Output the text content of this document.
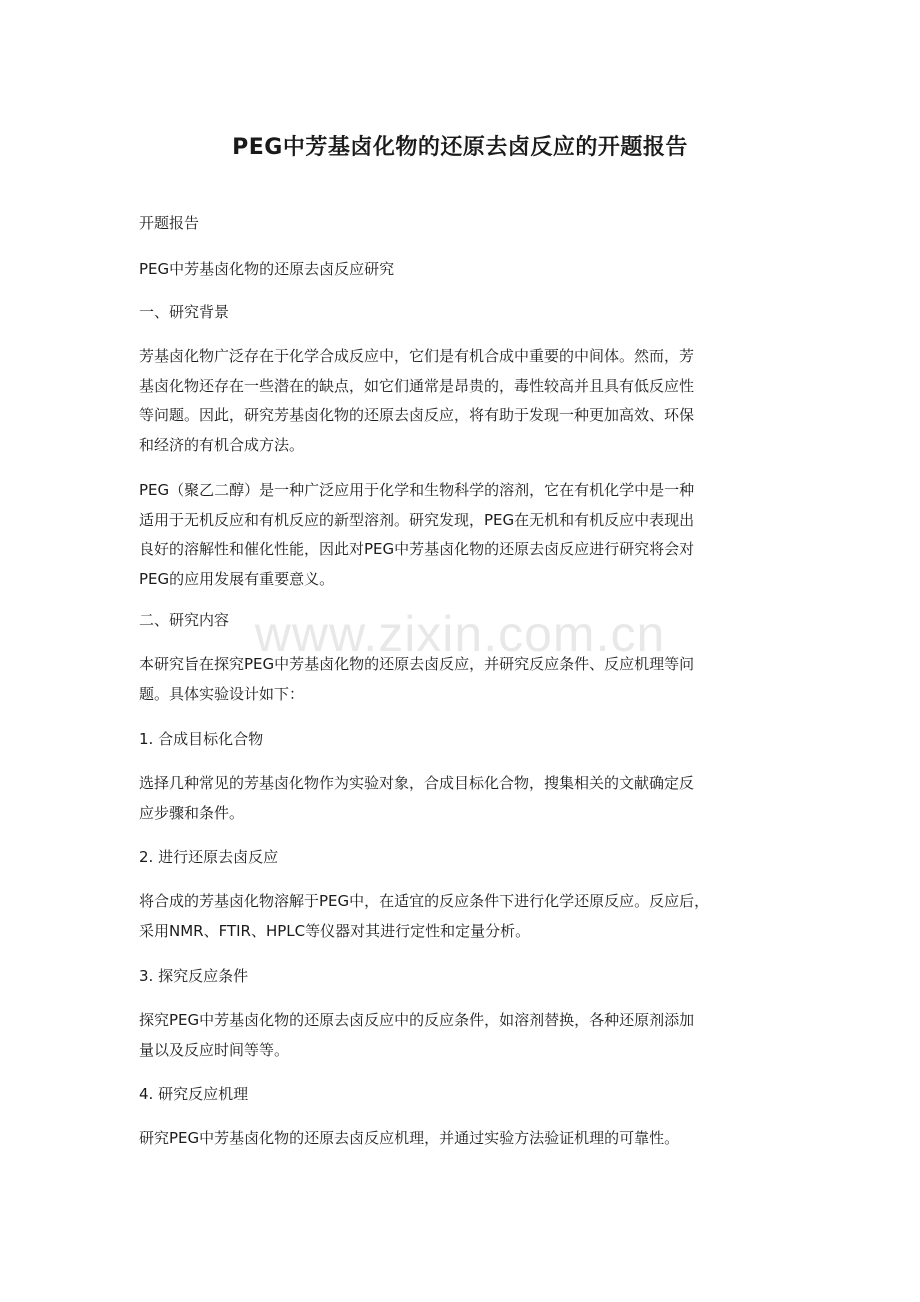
www.zixin.com.cn
PEG中芳基卤化物的还原去卤反应的开题报告

开题报告

PEG中芳基卤化物的还原去卤反应研究

一、研究背景

芳基卤化物广泛存在于化学合成反应中，它们是有机合成中重要的中间体。然而，芳
基卤化物还存在一些潜在的缺点，如它们通常是昂贵的，毒性较高并且具有低反应性
等问题。因此，研究芳基卤化物的还原去卤反应，将有助于发现一种更加高效、环保
和经济的有机合成方法。

PEG（聚乙二醇）是一种广泛应用于化学和生物科学的溶剂，它在有机化学中是一种
适用于无机反应和有机反应的新型溶剂。研究发现，PEG在无机和有机反应中表现出
良好的溶解性和催化性能，因此对PEG中芳基卤化物的还原去卤反应进行研究将会对
PEG的应用发展有重要意义。

二、研究内容

本研究旨在探究PEG中芳基卤化物的还原去卤反应，并研究反应条件、反应机理等问
题。具体实验设计如下：

1. 合成目标化合物

选择几种常见的芳基卤化物作为实验对象，合成目标化合物，搜集相关的文献确定反
应步骤和条件。

2. 进行还原去卤反应

将合成的芳基卤化物溶解于PEG中，在适宜的反应条件下进行化学还原反应。反应后，
采用NMR、FTIR、HPLC等仪器对其进行定性和定量分析。

3. 探究反应条件

探究PEG中芳基卤化物的还原去卤反应中的反应条件，如溶剂替换，各种还原剂添加
量以及反应时间等等。

4. 研究反应机理

研究PEG中芳基卤化物的还原去卤反应机理，并通过实验方法验证机理的可靠性。
